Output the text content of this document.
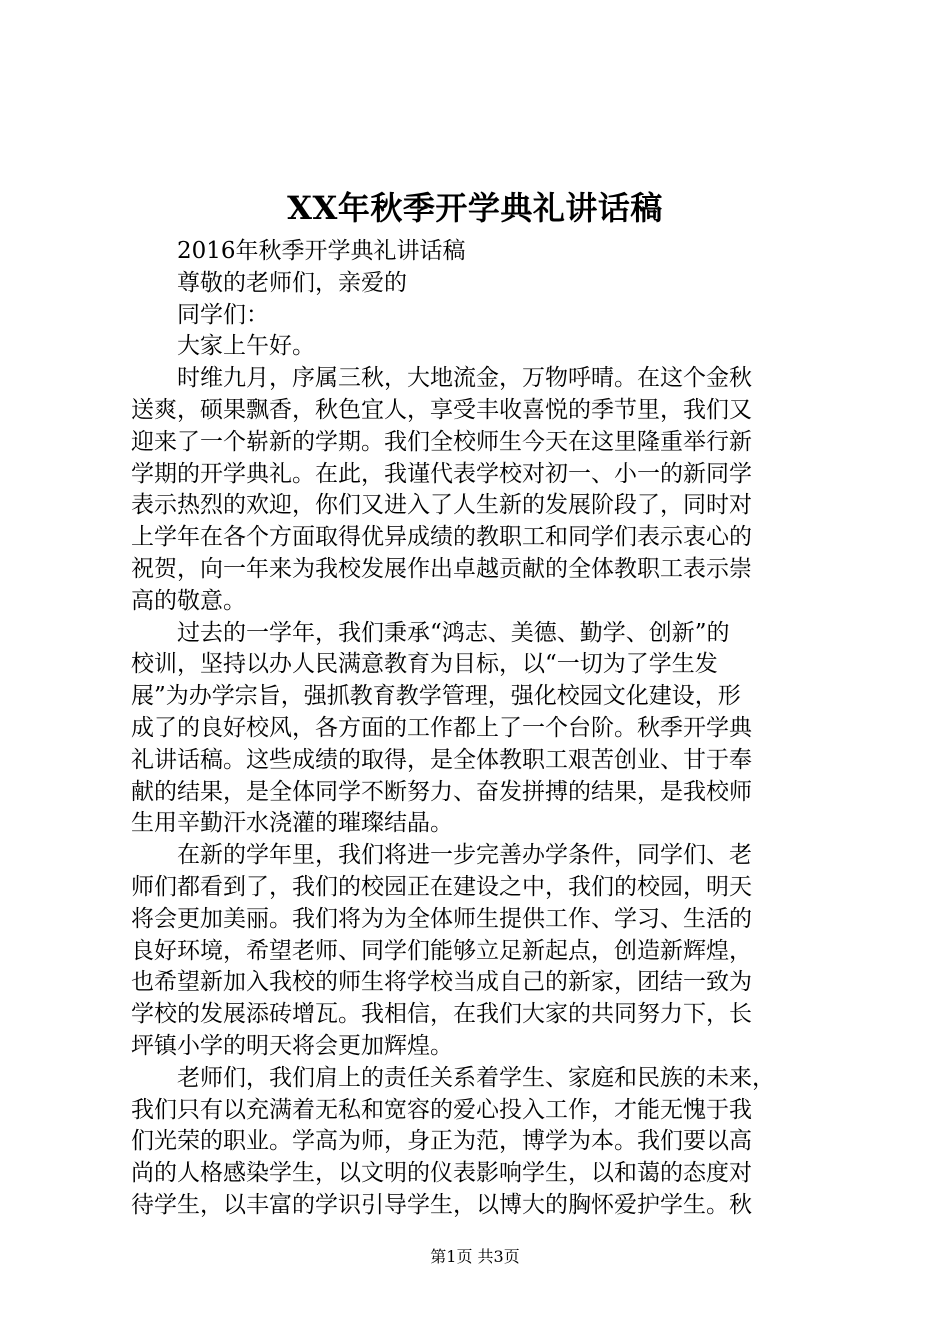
XX年秋季开学典礼讲话稿
2016年秋季开学典礼讲话稿
尊敬的老师们，亲爱的
同学们：
大家上午好。
时维九月，序属三秋，大地流金，万物呼晴。在这个金秋
送爽，硕果飘香，秋色宜人，享受丰收喜悦的季节里，我们又
迎来了一个崭新的学期。我们全校师生今天在这里隆重举行新
学期的开学典礼。在此，我谨代表学校对初一、小一的新同学
表示热烈的欢迎，你们又进入了人生新的发展阶段了，同时对
上学年在各个方面取得优异成绩的教职工和同学们表示衷心的
祝贺，向一年来为我校发展作出卓越贡献的全体教职工表示崇
高的敬意。
过去的一学年，我们秉承“鸿志、美德、勤学、创新”的
校训，坚持以办人民满意教育为目标，以“一切为了学生发
展”为办学宗旨，强抓教育教学管理，强化校园文化建设，形
成了的良好校风，各方面的工作都上了一个台阶。秋季开学典
礼讲话稿。这些成绩的取得，是全体教职工艰苦创业、甘于奉
献的结果，是全体同学不断努力、奋发拼搏的结果，是我校师
生用辛勤汗水浇灌的璀璨结晶。
在新的学年里，我们将进一步完善办学条件，同学们、老
师们都看到了，我们的校园正在建设之中，我们的校园，明天
将会更加美丽。我们将为为全体师生提供工作、学习、生活的
良好环境，希望老师、同学们能够立足新起点，创造新辉煌，
也希望新加入我校的师生将学校当成自己的新家，团结一致为
学校的发展添砖增瓦。我相信，在我们大家的共同努力下，长
坪镇小学的明天将会更加辉煌。
老师们，我们肩上的责任关系着学生、家庭和民族的未来，
我们只有以充满着无私和宽容的爱心投入工作，才能无愧于我
们光荣的职业。学高为师，身正为范，博学为本。我们要以高
尚的人格感染学生，以文明的仪表影响学生，以和蔼的态度对
待学生，以丰富的学识引导学生，以博大的胸怀爱护学生。秋
第1页 共3页
